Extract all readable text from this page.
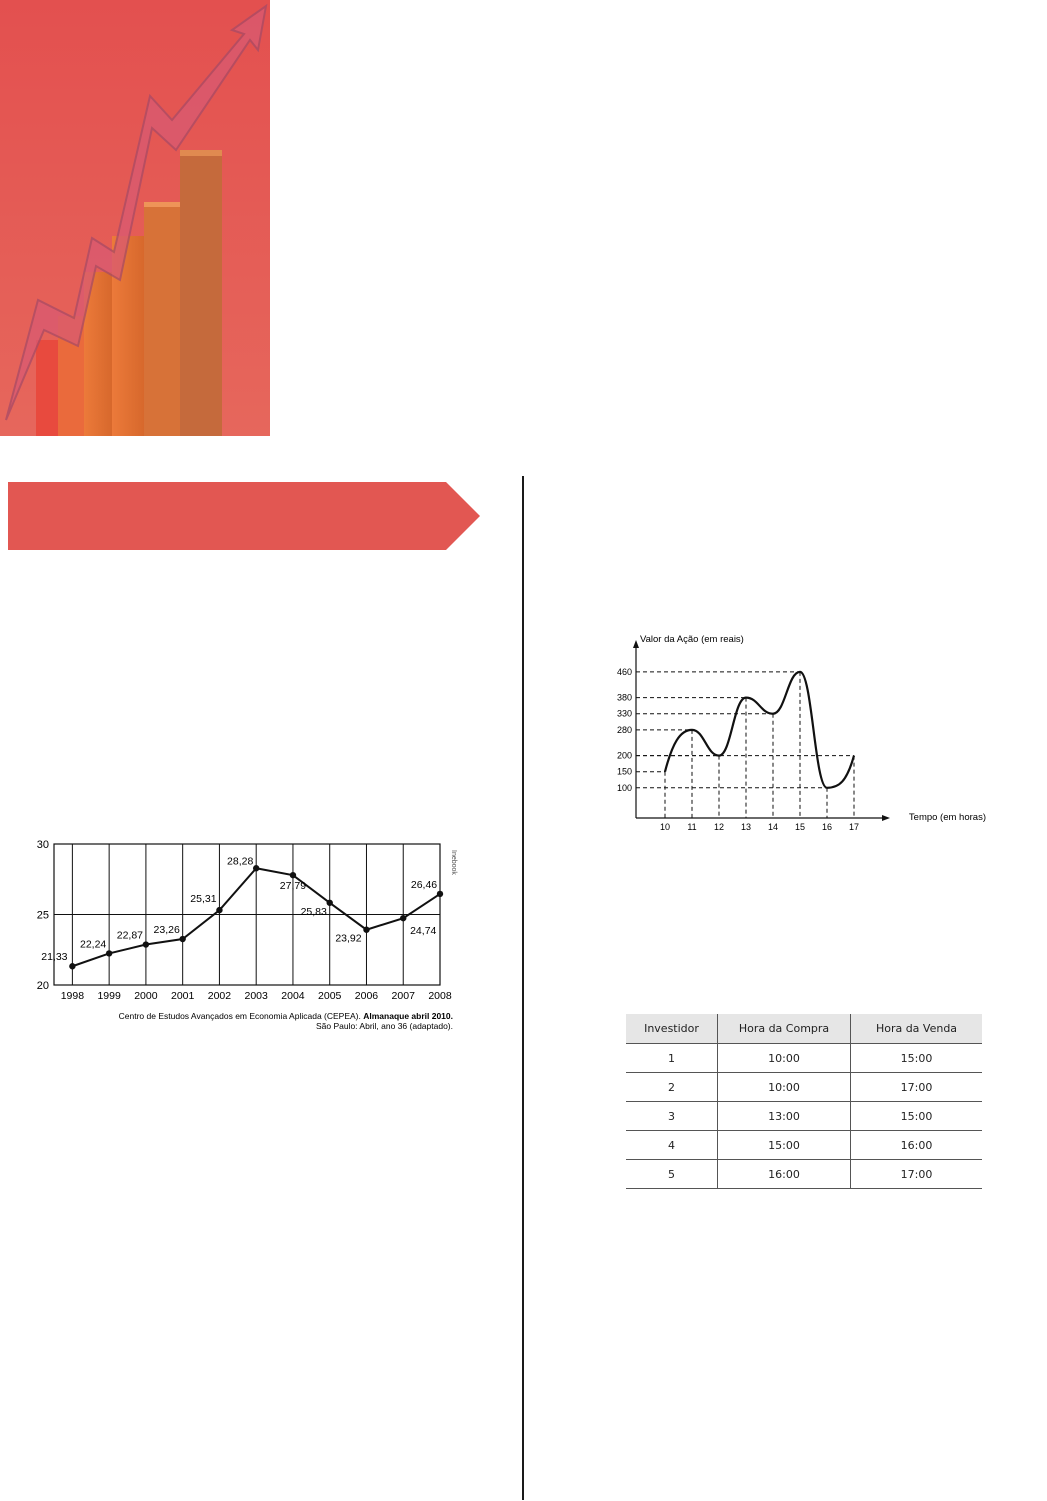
21,33
22,24
22,87 23,26
25,31
28,28
27,79
25,83
23,92
24,74
26,46
20
25
30
1998 1999 2000 2001 2002 2003 2004 2005 2006 2007 2008
Inebook
Centro de Estudos Avançados em Economia Aplicada (CEPEA). Almanaque abril 2010.
São Paulo: Abril, ano 36 (adaptado).
Valor da Ação (em reais)
Tempo (em horas)
100
150
200
280
330
380
460
10 11 12 13 14 15 16 17
Investidor	Hora da Compra	Hora da Venda
1	10:00	15:00
2	10:00	17:00
3	13:00	15:00
4	15:00	16:00
5	16:00	17:00
